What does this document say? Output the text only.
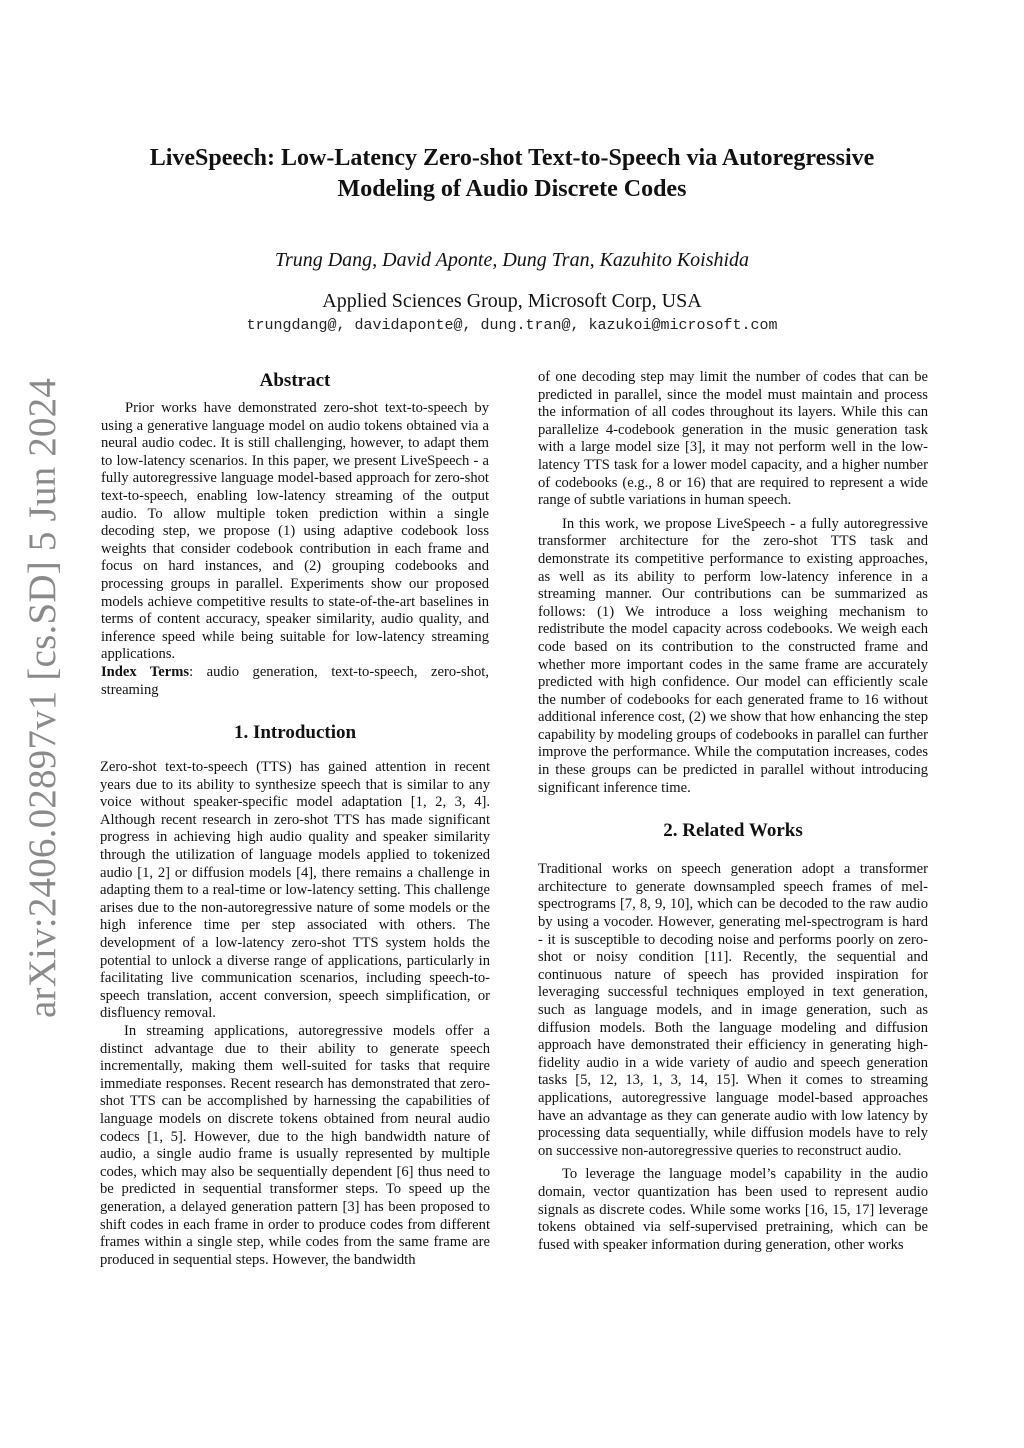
arXiv:2406.02897v1 [cs.SD] 5 Jun 2024
LiveSpeech: Low-Latency Zero-shot Text-to-Speech via Autoregressive
Modeling of Audio Discrete Codes
Trung Dang, David Aponte, Dung Tran, Kazuhito Koishida
Applied Sciences Group, Microsoft Corp, USA
trungdang@, davidaponte@, dung.tran@, kazukoi@microsoft.com
Abstract

Prior works have demonstrated zero-shot text-to-speech by using a generative language model on audio tokens obtained via a neural audio codec. It is still challenging, however, to adapt them to low-latency scenarios. In this paper, we present LiveSpeech - a fully autoregressive language model-based approach for zero-shot text-to-speech, enabling low-latency streaming of the output audio. To allow multiple token prediction within a single decoding step, we propose (1) using adaptive codebook loss weights that consider codebook contribution in each frame and focus on hard instances, and (2) grouping codebooks and processing groups in parallel. Experiments show our proposed models achieve competitive results to state-of-the-art baselines in terms of content accuracy, speaker similarity, audio quality, and inference speed while being suitable for low-latency streaming applications.

Index Terms: audio generation, text-to-speech, zero-shot, streaming

1. Introduction

Zero-shot text-to-speech (TTS) has gained attention in recent years due to its ability to synthesize speech that is similar to any voice without speaker-specific model adaptation [1, 2, 3, 4]. Although recent research in zero-shot TTS has made significant progress in achieving high audio quality and speaker similarity through the utilization of language models applied to tokenized audio [1, 2] or diffusion models [4], there remains a challenge in adapting them to a real-time or low-latency setting. This challenge arises due to the non-autoregressive nature of some models or the high inference time per step associated with others. The development of a low-latency zero-shot TTS system holds the potential to unlock a diverse range of applications, particularly in facilitating live communication scenarios, including speech-to-speech translation, accent conversion, speech simplification, or disfluency removal.

In streaming applications, autoregressive models offer a distinct advantage due to their ability to generate speech incrementally, making them well-suited for tasks that require immediate responses. Recent research has demonstrated that zero-shot TTS can be accomplished by harnessing the capabilities of language models on discrete tokens obtained from neural audio codecs [1, 5]. However, due to the high bandwidth nature of audio, a single audio frame is usually represented by multiple codes, which may also be sequentially dependent [6] thus need to be predicted in sequential transformer steps. To speed up the generation, a delayed generation pattern [3] has been proposed to shift codes in each frame in order to produce codes from different frames within a single step, while codes from the same frame are produced in sequential steps. However, the bandwidth

of one decoding step may limit the number of codes that can be predicted in parallel, since the model must maintain and process the information of all codes throughout its layers. While this can parallelize 4-codebook generation in the music generation task with a large model size [3], it may not perform well in the low-latency TTS task for a lower model capacity, and a higher number of codebooks (e.g., 8 or 16) that are required to represent a wide range of subtle variations in human speech.

In this work, we propose LiveSpeech - a fully autoregressive transformer architecture for the zero-shot TTS task and demonstrate its competitive performance to existing approaches, as well as its ability to perform low-latency inference in a streaming manner. Our contributions can be summarized as follows: (1) We introduce a loss weighing mechanism to redistribute the model capacity across codebooks. We weigh each code based on its contribution to the constructed frame and whether more important codes in the same frame are accurately predicted with high confidence. Our model can efficiently scale the number of codebooks for each generated frame to 16 without additional inference cost, (2) we show that how enhancing the step capability by modeling groups of codebooks in parallel can further improve the performance. While the computation increases, codes in these groups can be predicted in parallel without introducing significant inference time.

2. Related Works

Traditional works on speech generation adopt a transformer architecture to generate downsampled speech frames of mel-spectrograms [7, 8, 9, 10], which can be decoded to the raw audio by using a vocoder. However, generating mel-spectrogram is hard - it is susceptible to decoding noise and performs poorly on zero-shot or noisy condition [11]. Recently, the sequential and continuous nature of speech has provided inspiration for leveraging successful techniques employed in text generation, such as language models, and in image generation, such as diffusion models. Both the language modeling and diffusion approach have demonstrated their efficiency in generating high-fidelity audio in a wide variety of audio and speech generation tasks [5, 12, 13, 1, 3, 14, 15]. When it comes to streaming applications, autoregressive language model-based approaches have an advantage as they can generate audio with low latency by processing data sequentially, while diffusion models have to rely on successive non-autoregressive queries to reconstruct audio.

To leverage the language model’s capability in the audio domain, vector quantization has been used to represent audio signals as discrete codes. While some works [16, 15, 17] leverage tokens obtained via self-supervised pretraining, which can be fused with speaker information during generation, other works
